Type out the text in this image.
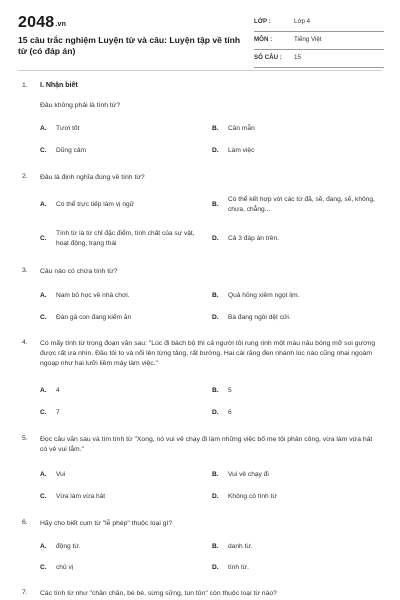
2048.vn
15 câu trắc nghiệm Luyện từ và câu: Luyện tập về tính từ (có đáp án)
LỚP :	Lớp 4
MÔN :	Tiếng Việt
SỐ CÂU : 15
1. I. Nhận biết
Đâu không phải là tính từ?
A. Tươi tốt	B. Cần mẫn
C. Dũng cảm	D. Làm việc
2. Đâu là định nghĩa đúng về tính từ?
A. Có thể trực tiếp làm vị ngữ	B.
Có thể kết hợp với các từ đã, sẽ, đang, sẽ, không, chưa, chẳng...
C.
Tính từ là từ chỉ đặc điểm, tính chất của sự vật, hoạt động, trạng thái
D. Cả 3 đáp án trên.
3. Câu nào có chứa tính từ?
A. Nam bỏ học về nhà chơi.	B. Quả hồng xiêm ngọt lịm.
C. Đàn gà con đang kiếm ăn	D. Bà đang ngồi dệt cửi.
4. Có mấy tính từ trong đoạn văn sau: "Lúc đi bách bộ thì cả người tôi rung rinh một màu nâu bóng mỡ soi gương được rất ưa nhìn. Đầu tôi to và nổi lên từng tảng, rất bướng. Hai cái răng đen nhánh lúc nào cũng nhai ngoàm ngoạp như hai lưỡi liềm máy làm việc."
A. 4	B. 5
C. 7	D. 6
5. Đọc câu văn sau và tìm tính từ "Xong, nó vui vẻ chạy đi làm những việc bố mẹ tôi phân công, vừa làm vừa hát có vẻ vui lắm."
A. Vui	B. Vui vẻ chạy đi
C. Vừa làm vừa hát	D. Không có tính từ
6. Hãy cho biết cụm từ "lễ phép" thuộc loại gì?
A. động từ.	B. danh từ.
C. chủ vị	D. tính từ.
7. Các tính từ như "chần chần, bè bè, sừng sững, tun tủn" còn thuộc loại từ nào?
